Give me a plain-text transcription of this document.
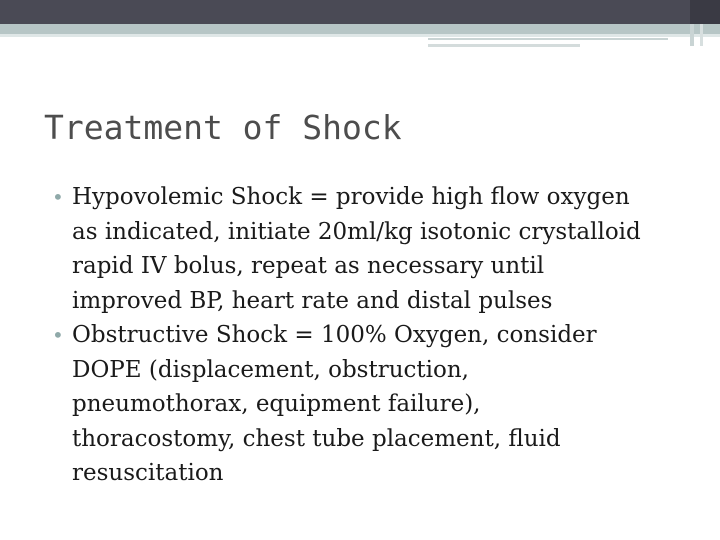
Treatment of Shock
• Hypovolemic Shock = provide high flow oxygen
as indicated, initiate 20ml/kg isotonic crystalloid
rapid IV bolus, repeat as necessary until
improved BP, heart rate and distal pulses
• Obstructive Shock = 100% Oxygen, consider
DOPE (displacement, obstruction,
pneumothorax, equipment failure),
thoracostomy, chest tube placement, fluid
resuscitation
